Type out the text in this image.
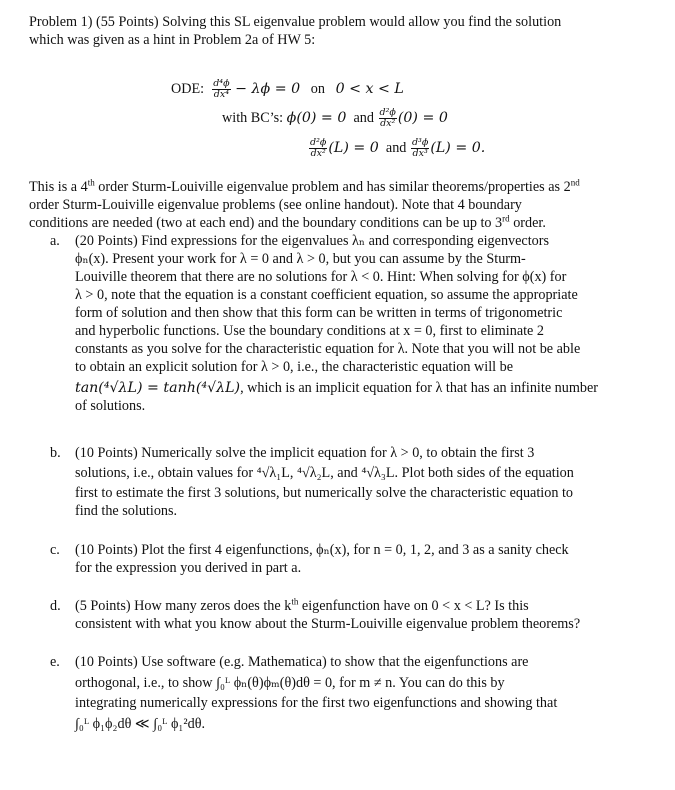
Problem 1) (55 Points) Solving this SL eigenvalue problem would allow you find the solution
which was given as a hint in Problem 2a of HW 5:
ODE: $\frac{\text{d⁴ϕ}}{\text{dx⁴}} - \lambda\phi = 0$ on 0 < x < L
with BC’s: ϕ(0) = 0 and $\frac{\text{d²ϕ}}{\text{dx²}} (0) = 0$
$\frac{\text{d²ϕ}}{\text{dx²}} (L) = 0$ and $\frac{\text{d³ϕ}}{\text{dx³}} (L) = 0$.
This is a 4th order Sturm-Louiville eigenvalue problem and has similar theorems/properties as 2nd
order Sturm-Louiville eigenvalue problems (see online handout). Note that 4 boundary
conditions are needed (two at each end) and the boundary conditions can be up to 3rd order.
a. (20 Points) Find expressions for the eigenvalues λₙ and corresponding eigenvectors
ϕₙ(x). Present your work for λ = 0 and λ > 0, but you can assume by the Sturm-
Louiville theorem that there are no solutions for λ < 0. Hint: When solving for ϕ(x) for
λ > 0, note that the equation is a constant coefficient equation, so assume the appropriate
form of solution and then show that this form can be written in terms of trigonometric
and hyperbolic functions. Use the boundary conditions at x = 0, first to eliminate 2
constants as you solve for the characteristic equation for λ. Note that you will not be able
to obtain an explicit solution for λ > 0, i.e., the characteristic equation will be
tan(⁴√λL) = tanh(⁴√λL), which is an implicit equation for λ that has an infinite number
of solutions.
b. (10 Points) Numerically solve the implicit equation for λ > 0, to obtain the first 3
solutions, i.e., obtain values for ⁴√λ₁L, ⁴√λ₂L, and ⁴√λ₃L. Plot both sides of the equation
first to estimate the first 3 solutions, but numerically solve the characteristic equation to
find the solutions.
c. (10 Points) Plot the first 4 eigenfunctions, ϕₙ(x), for n = 0, 1, 2, and 3 as a sanity check
for the expression you derived in part a.
d. (5 Points) How many zeros does the $k^{th}$ eigenfunction have on 0 < x < L? Is this
consistent with what you know about the Sturm-Louiville eigenvalue problem theorems?
e. (10 Points) Use software (e.g. Mathematica) to show that the eigenfunctions are
orthogonal, i.e., to show ∫₀ᴸ ϕₙ(θ)ϕₘ(θ)dθ = 0, for m ≠ n. You can do this by
integrating numerically expressions for the first two eigenfunctions and showing that
∫₀ᴸ ϕ₁ϕ₂dθ ≪ ∫₀ᴸ ϕ₁²dθ.
